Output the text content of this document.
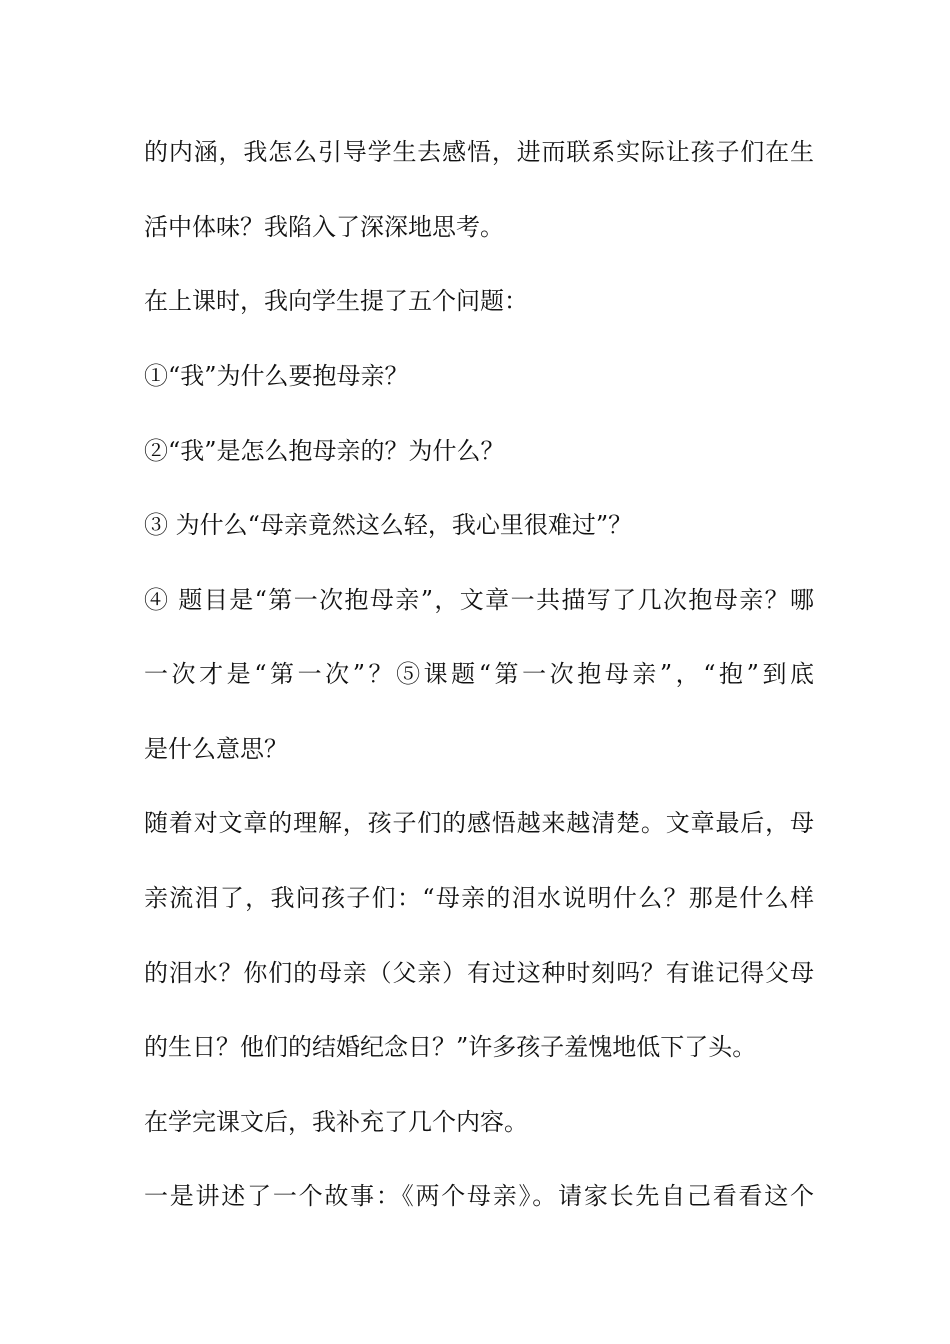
的内涵，我怎么引导学生去感悟，进而联系实际让孩子们在生
活中体味？我陷入了深深地思考。
在上课时，我向学生提了五个问题：
①“我”为什么要抱母亲？
②“我”是怎么抱母亲的？为什么？
③ 为什么“母亲竟然这么轻，我心里很难过”？
④ 题目是“第一次抱母亲”，文章一共描写了几次抱母亲？哪
一次才是“第一次”？⑤课题“第一次抱母亲”，“抱”到底
是什么意思？
随着对文章的理解，孩子们的感悟越来越清楚。文章最后，母
亲流泪了，我问孩子们：“母亲的泪水说明什么？那是什么样
的泪水？你们的母亲（父亲）有过这种时刻吗？有谁记得父母
的生日？他们的结婚纪念日？”许多孩子羞愧地低下了头。
在学完课文后，我补充了几个内容。
一是讲述了一个故事：《两个母亲》。请家长先自己看看这个
